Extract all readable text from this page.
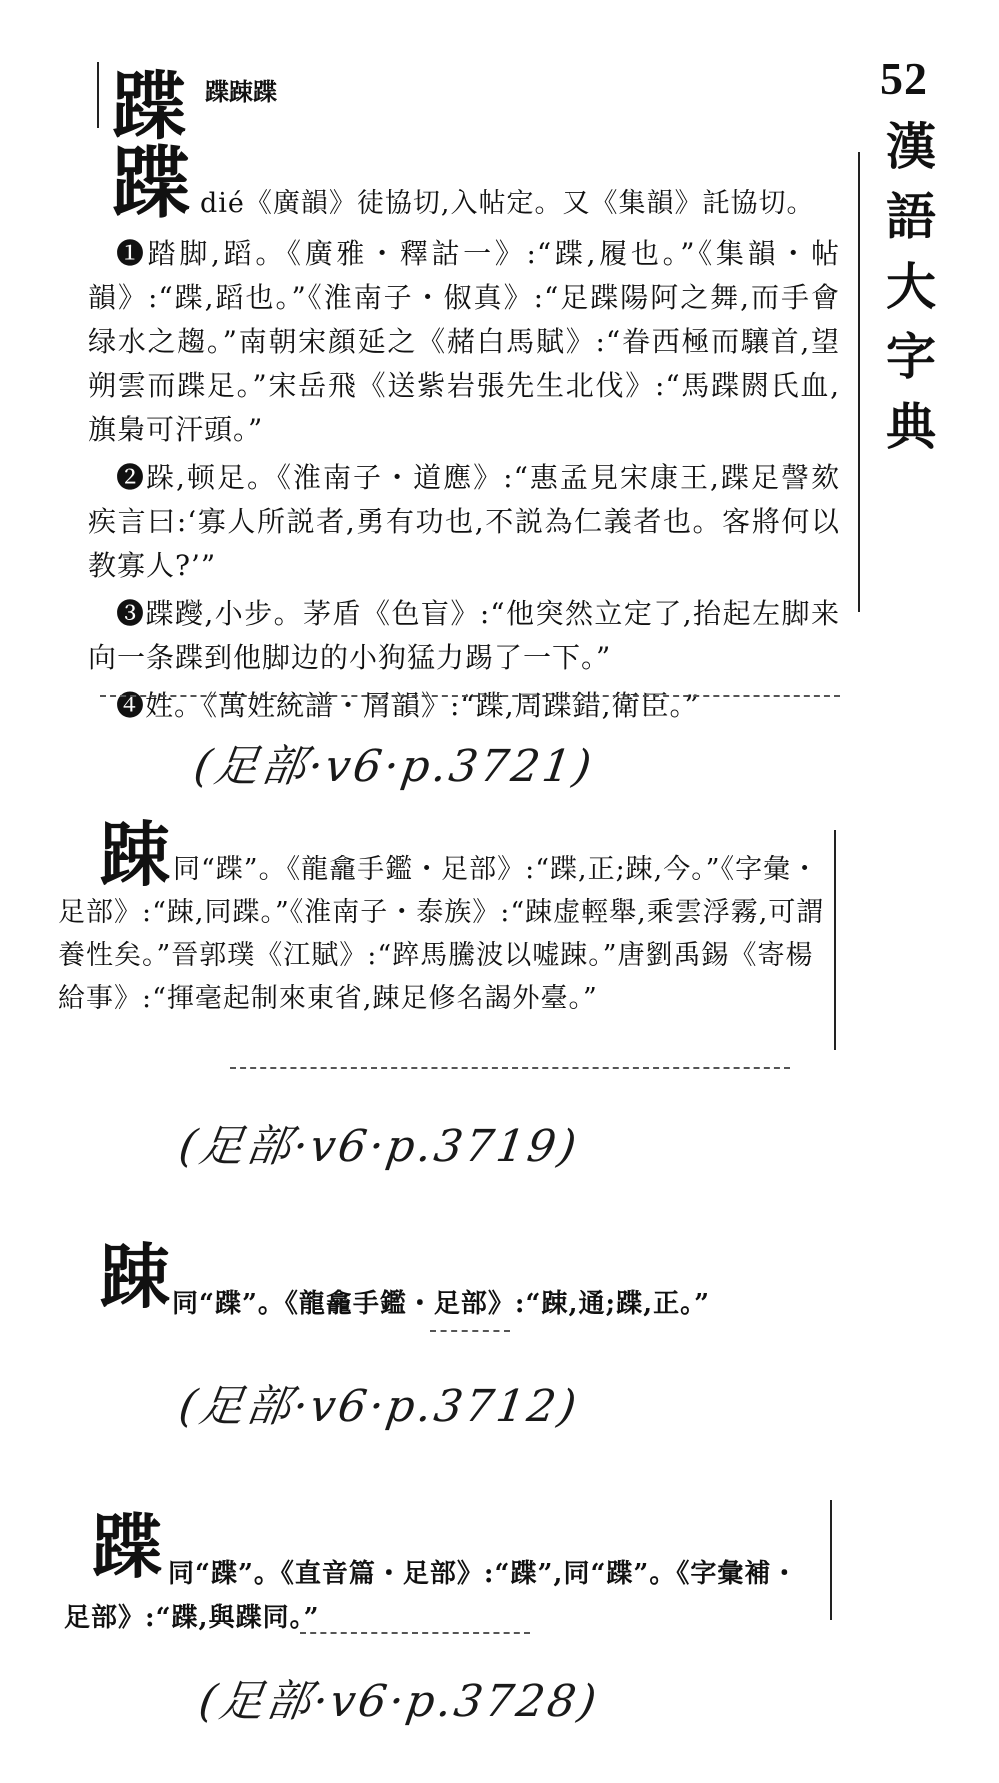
52
漢
語
大
字
典
蹀 蹀踈蹀
蹀 dié《廣韻》徒協切,入帖定。又《集韻》託協切。

❶踏脚,蹈。《廣雅・釋詁一》:“蹀,履也。”《集韻・帖韻》:“蹀,蹈也。”《淮南子・俶真》:“足蹀陽阿之舞,而手會绿水之趨。”南朝宋顔延之《赭白馬賦》:“眷西極而驤首,望朔雲而蹀足。”宋岳飛《送紫岩張先生北伐》:“馬蹀閼氏血,旗梟可汗頭。”

❷跺,顿足。《淮南子・道應》:“惠孟見宋康王,蹀足謦欬疾言曰:‘寡人所説者,勇有功也,不説為仁義者也。客將何以教寡人?’”

❸蹀躞,小步。茅盾《色盲》:“他突然立定了,抬起左脚来向一条蹀到他脚边的小狗猛力踢了一下。”

❹姓。《萬姓統譜・屑韻》:“蹀,周蹀錯,衛臣。”

(足部·v6·p.3721)
踈 同“蹀”。《龍龕手鑑・足部》:“蹀,正;踈,今。”《字彙・足部》:“踈,同蹀。”《淮南子・泰族》:“踈虚輕舉,乘雲浮霧,可謂養性矣。”晉郭璞《江賦》:“踤馬騰波以嘘踈。”唐劉禹錫《寄楊給事》:“揮毫起制來東省,踈足修名謁外臺。”
(足部·v6·p.3719)
踈 同“蹀”。《龍龕手鑑・足部》:“踈,通;蹀,正。”
(足部·v6·p.3712)
蹀 同“蹀”。《直音篇・足部》:“蹀”,同“蹀”。《字彙補・足部》:“蹀,與蹀同。”
(足部·v6·p.3728)
